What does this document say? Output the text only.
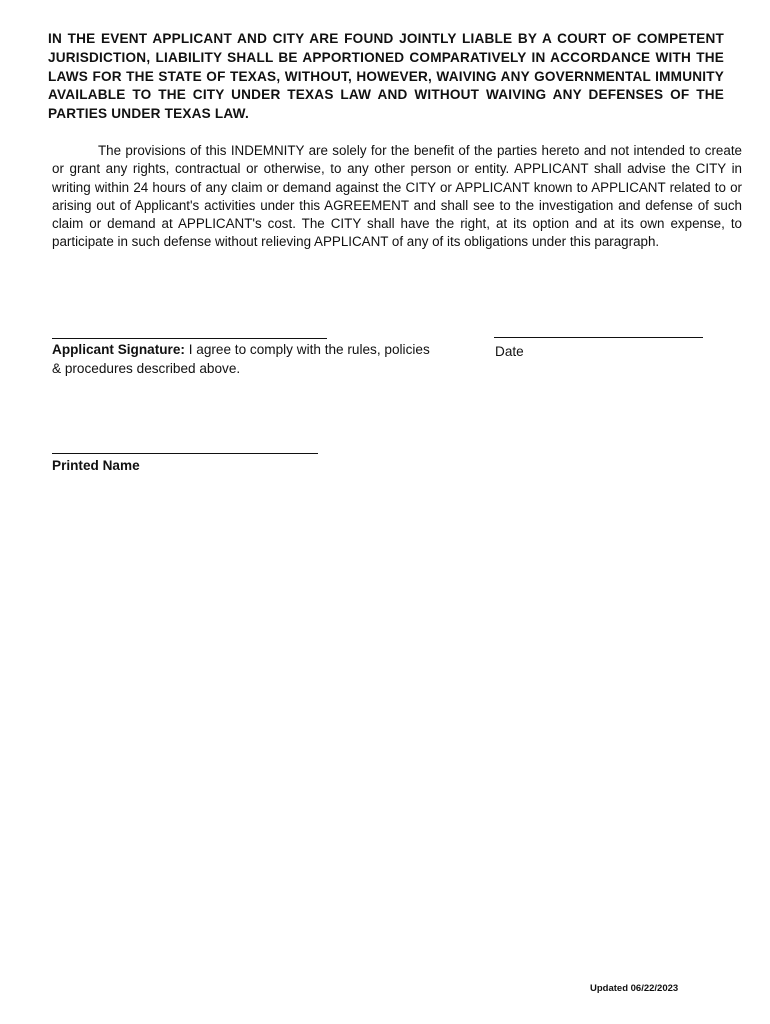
IN THE EVENT APPLICANT AND CITY ARE FOUND JOINTLY LIABLE BY A COURT OF COMPETENT JURISDICTION, LIABILITY SHALL BE APPORTIONED COMPARATIVELY IN ACCORDANCE WITH THE LAWS FOR THE STATE OF TEXAS, WITHOUT, HOWEVER, WAIVING ANY GOVERNMENTAL IMMUNITY AVAILABLE TO THE CITY UNDER TEXAS LAW AND WITHOUT WAIVING ANY DEFENSES OF THE PARTIES UNDER TEXAS LAW.
The provisions of this INDEMNITY are solely for the benefit of the parties hereto and not intended to create or grant any rights, contractual or otherwise, to any other person or entity. APPLICANT shall advise the CITY in writing within 24 hours of any claim or demand against the CITY or APPLICANT known to APPLICANT related to or arising out of Applicant's activities under this AGREEMENT and shall see to the investigation and defense of such claim or demand at APPLICANT's cost. The CITY shall have the right, at its option and at its own expense, to participate in such defense without relieving APPLICANT of any of its obligations under this paragraph.
Applicant Signature: I agree to comply with the rules, policies & procedures described above.
Date
Printed Name
Updated 06/22/2023
